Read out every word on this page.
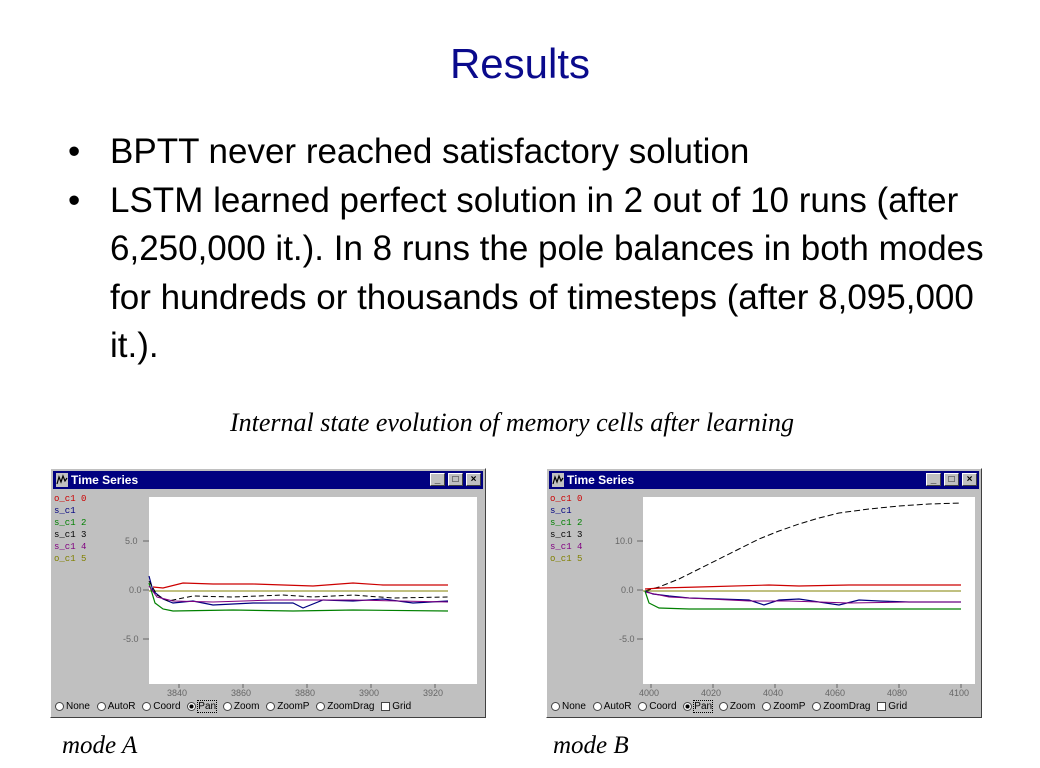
Results
• BPTT never reached satisfactory solution
• LSTM learned perfect solution in 2 out of 10 runs (after 6,250,000 it.). In 8 runs the pole balances in both modes for hundreds or thousands of timesteps (after 8,095,000 it.).
Internal state evolution of memory cells after learning
Time Series	_	□	×
5.0
0.0
-5.0
3840	3860	3880	3900	3920
o_c1 0
s_c1
s_c1 2
s_c1 3
s_c1 4
o_c1 5
None AutoR Coord Pan Zoom ZoomP ZoomDrag Grid
Time Series	_	□	×
10.0
0.0
-5.0
4000	4020	4040	4060	4080	4100
o_c1 0
s_c1
s_c1 2
s_c1 3
s_c1 4
o_c1 5
None AutoR Coord Pan Zoom ZoomP ZoomDrag Grid
mode A	mode B
